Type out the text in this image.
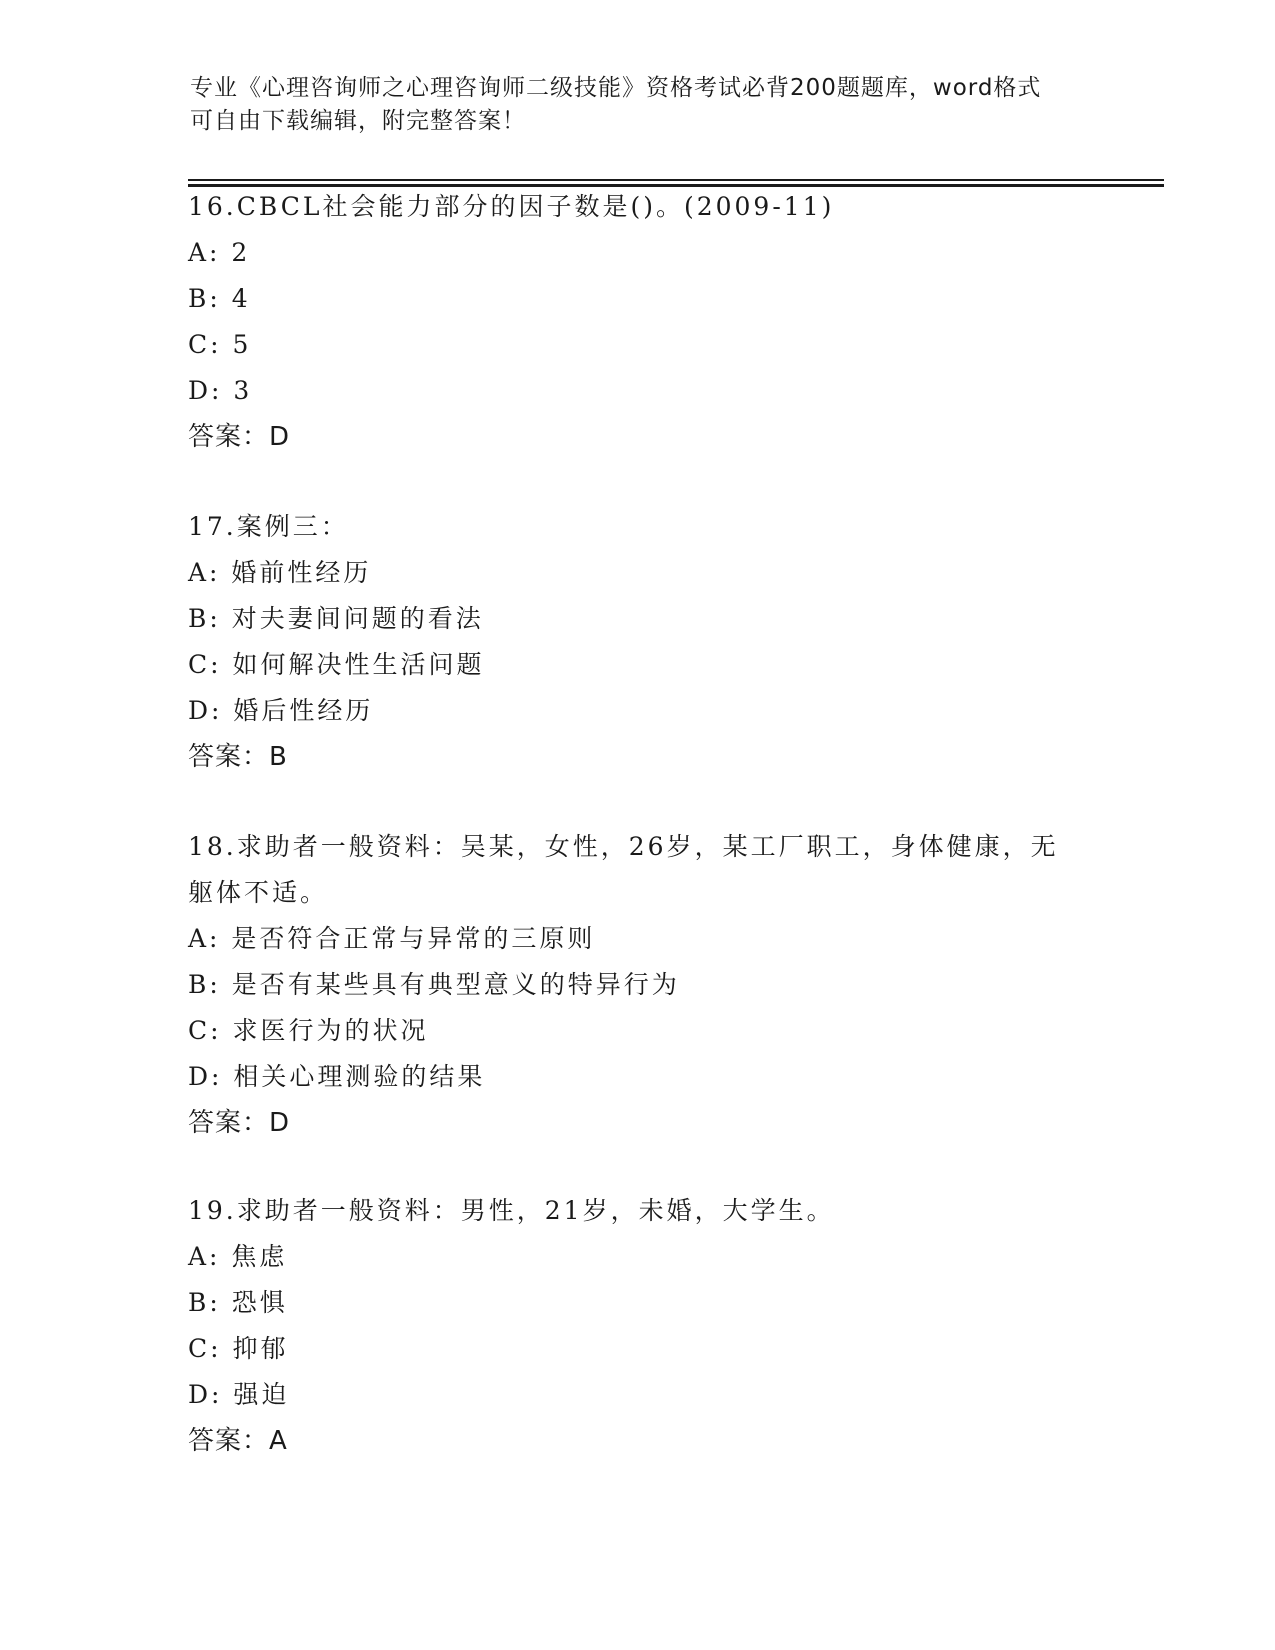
专业《心理咨询师之心理咨询师二级技能》资格考试必背200题题库，word格式
可自由下载编辑，附完整答案！
16.CBCL社会能力部分的因子数是()。(2009-11)
A: 2
B: 4
C: 5
D: 3
答案：D
17.案例三：
A: 婚前性经历
B: 对夫妻间问题的看法
C: 如何解决性生活问题
D: 婚后性经历
答案：B
18.求助者一般资料：吴某，女性，26岁，某工厂职工，身体健康，无
躯体不适。
A: 是否符合正常与异常的三原则
B: 是否有某些具有典型意义的特异行为
C: 求医行为的状况
D: 相关心理测验的结果
答案：D
19.求助者一般资料：男性，21岁，未婚，大学生。
A: 焦虑
B: 恐惧
C: 抑郁
D: 强迫
答案：A
